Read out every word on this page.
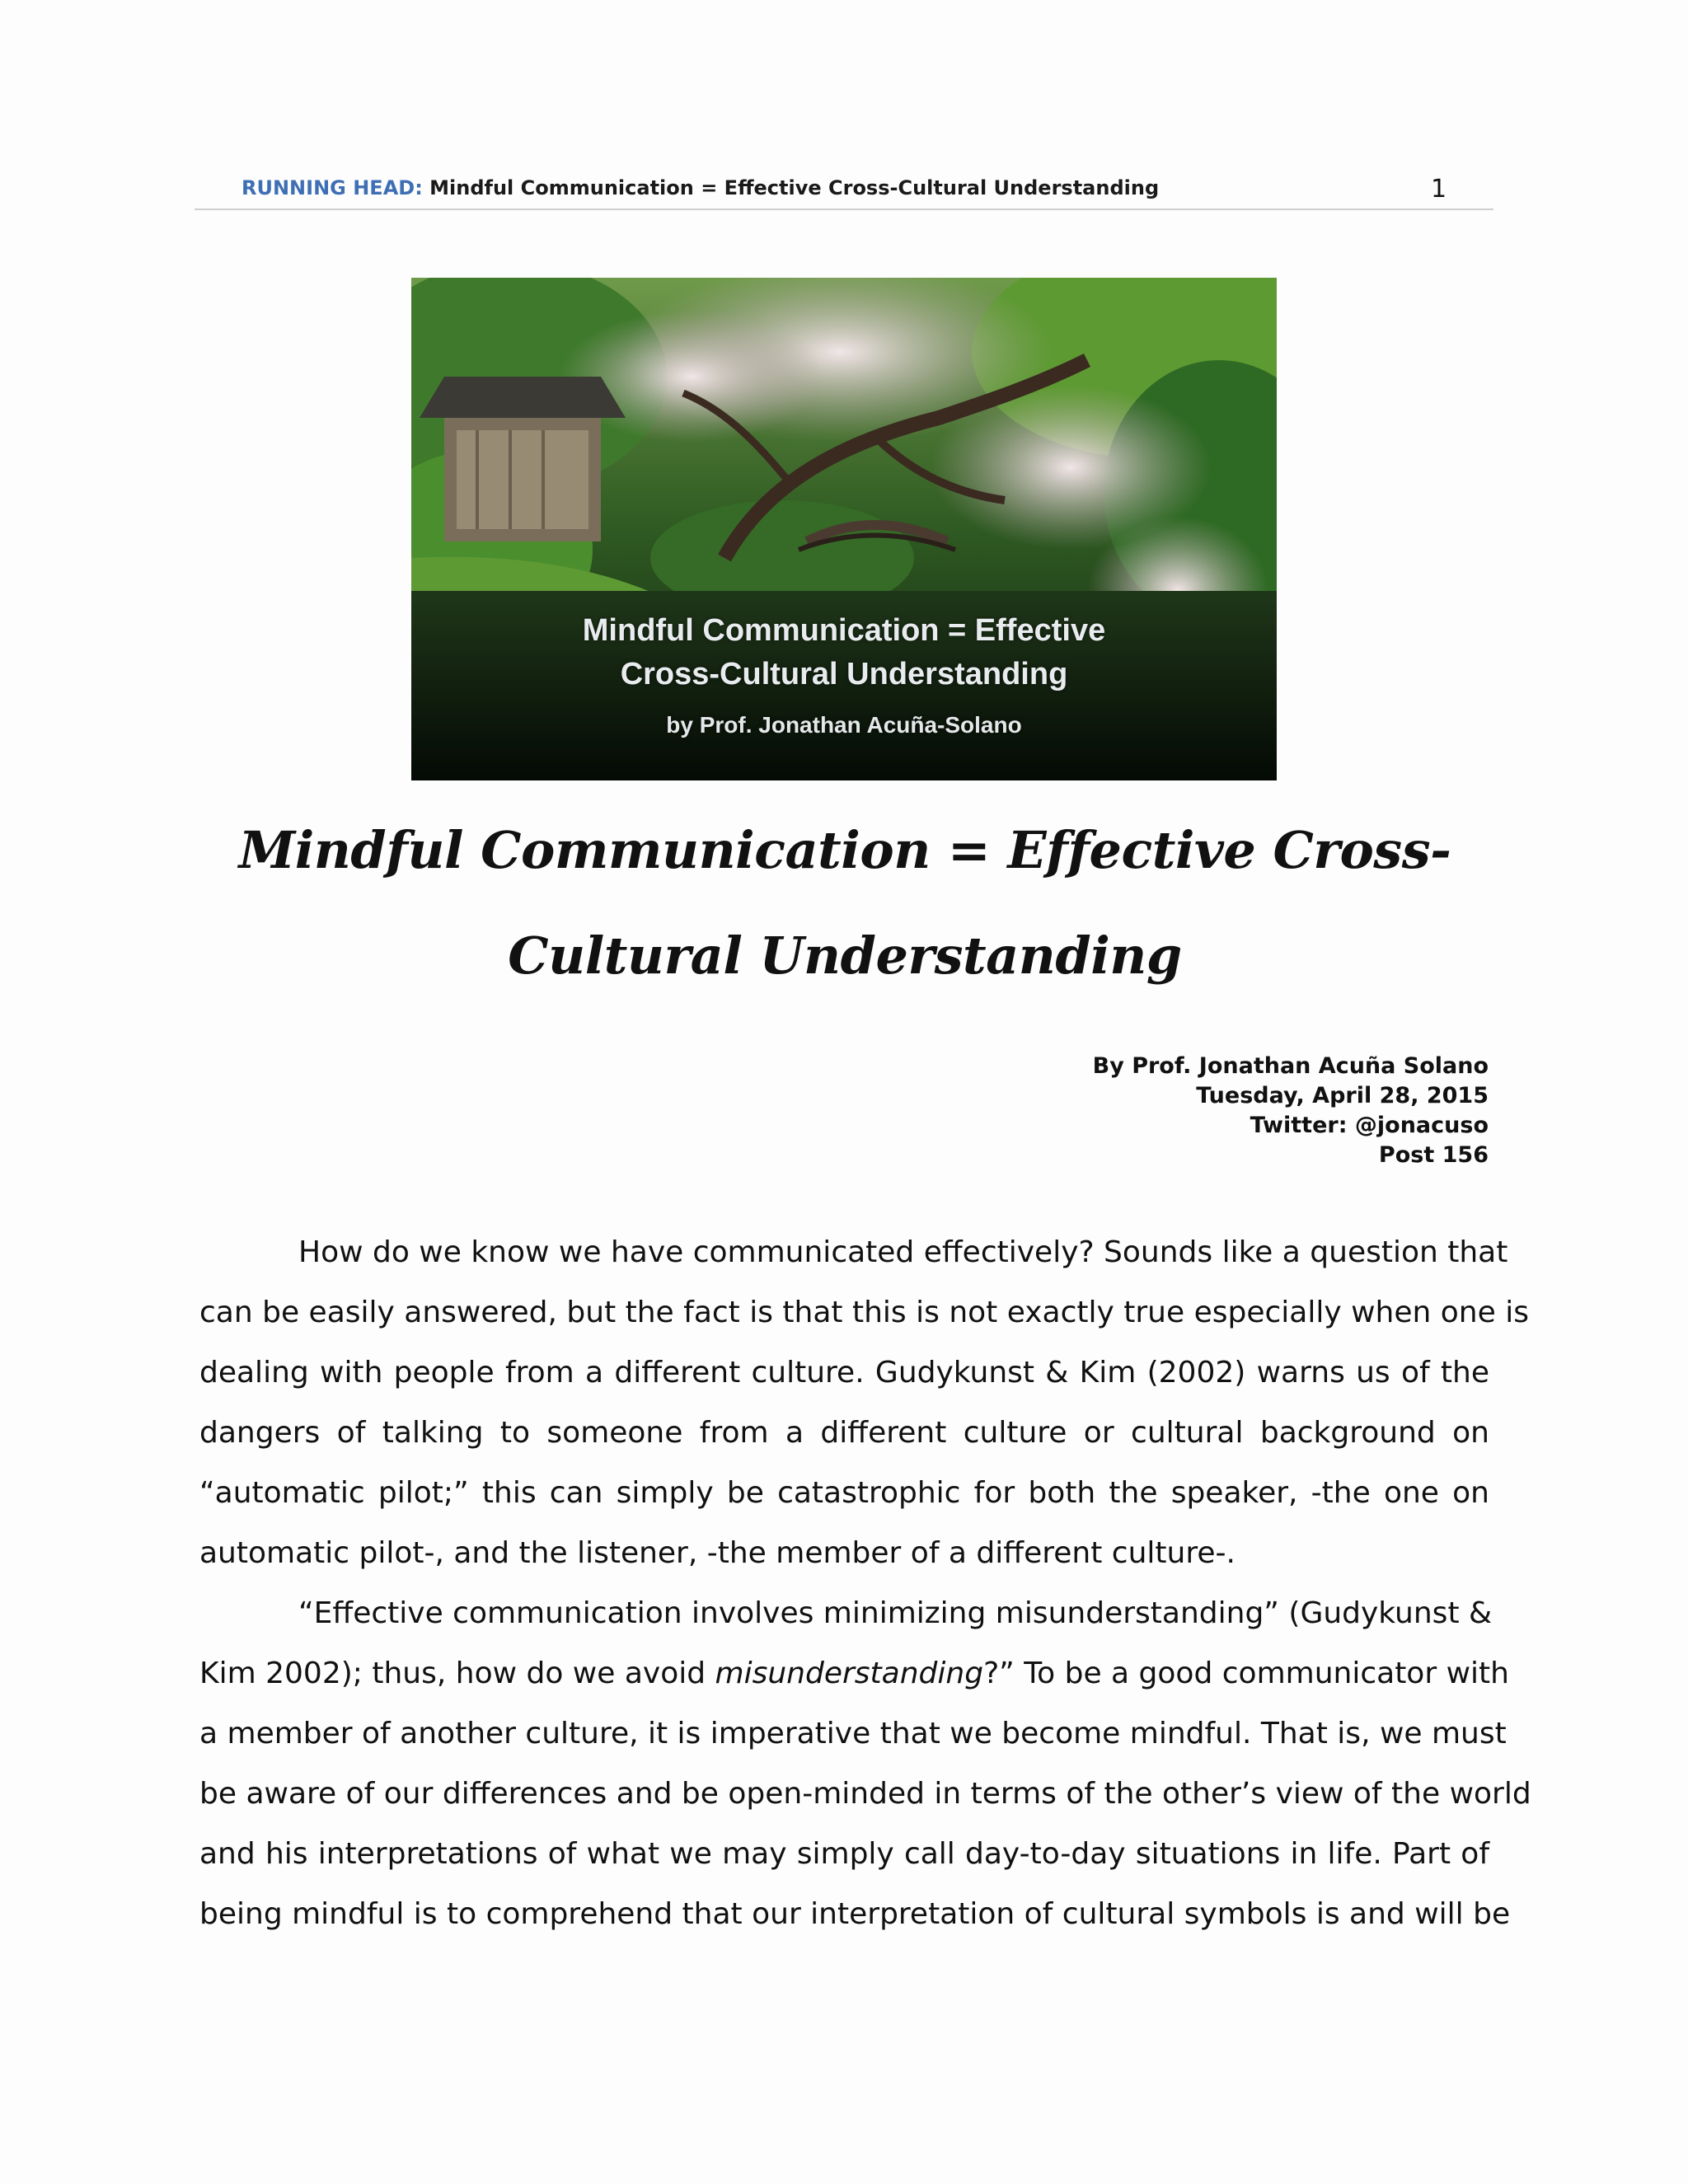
RUNNING HEAD: Mindful Communication = Effective Cross-Cultural Understanding	1
Mindful Communication = Effective
Cross-Cultural Understanding
by Prof. Jonathan Acuña-Solano
Mindful Communication = Effective Cross-
Cultural Understanding
By Prof. Jonathan Acuña Solano
Tuesday, April 28, 2015
Twitter: @jonacuso
Post 156
How do we know we have communicated effectively? Sounds like a question that
can be easily answered, but the fact is that this is not exactly true especially when one is
dealing with people from a different culture. Gudykunst & Kim (2002) warns us of the
dangers of talking to someone from a different culture or cultural background on
“automatic pilot;” this can simply be catastrophic for both the speaker, -the one on
automatic pilot-, and the listener, -the member of a different culture-.
“Effective communication involves minimizing misunderstanding” (Gudykunst &
Kim 2002); thus, how do we avoid misunderstanding?” To be a good communicator with
a member of another culture, it is imperative that we become mindful. That is, we must
be aware of our differences and be open-minded in terms of the other’s view of the world
and his interpretations of what we may simply call day-to-day situations in life. Part of
being mindful is to comprehend that our interpretation of cultural symbols is and will be
